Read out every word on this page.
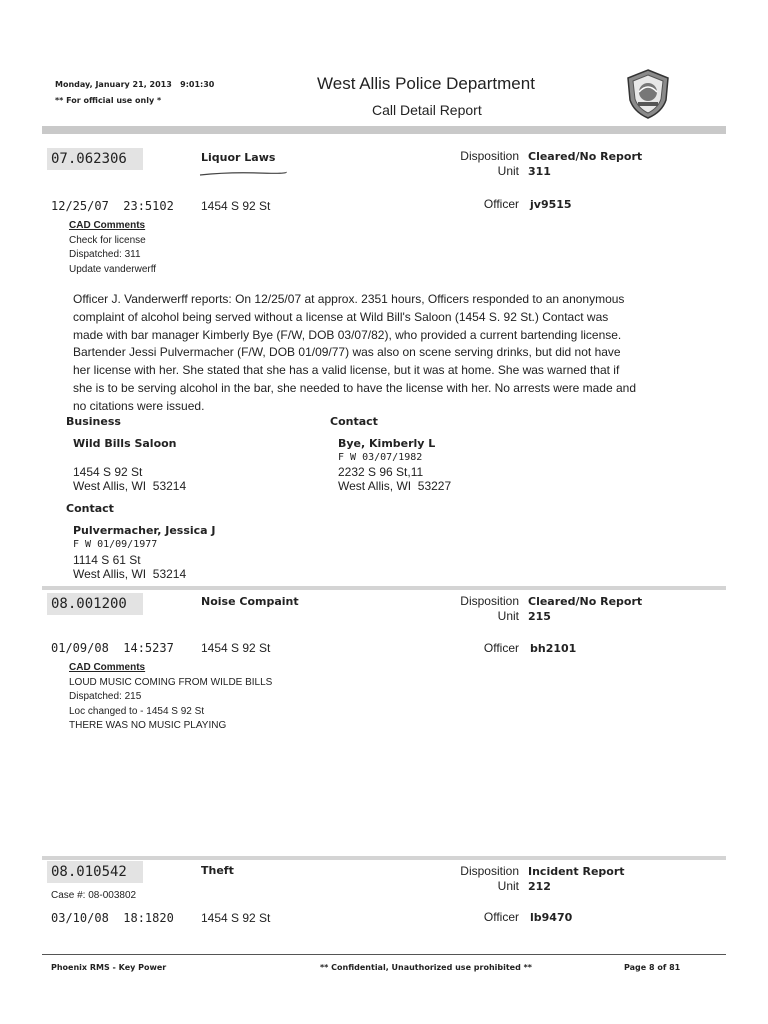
Monday, January 21, 2013   9:01:30
** For official use only *
West Allis Police Department
Call Detail Report
07.062306	Liquor Laws	Disposition Cleared/No Report
Unit 311
12/25/07  23:5102 1454 S 92 St	Officer jv9515
CAD Comments
Check for license
Dispatched: 311
Update vanderwerff
Officer J. Vanderwerff reports: On 12/25/07 at approx. 2351 hours, Officers responded to an anonymous complaint of alcohol being served without a license at Wild Bill's Saloon (1454 S. 92 St.) Contact was made with bar manager Kimberly Bye (F/W, DOB 03/07/82), who provided a current bartending license. Bartender Jessi Pulvermacher (F/W, DOB 01/09/77) was also on scene serving drinks, but did not have her license with her. She stated that she has a valid license, but it was at home. She was warned that if she is to be serving alcohol in the bar, she needed to have the license with her. No arrests were made and no citations were issued.
Business	Contact
Wild Bills Saloon
1454 S 92 St
West Allis, WI  53214
Bye, Kimberly L
F W 03/07/1982
2232 S 96 St,11
West Allis, WI  53227
Contact
Pulvermacher, Jessica J
F W 01/09/1977
1114 S 61 St
West Allis, WI  53214
08.001200	Noise Compaint	Disposition Cleared/No Report
Unit 215
01/09/08  14:5237 1454 S 92 St	Officer bh2101
CAD Comments
LOUD MUSIC COMING FROM WILDE BILLS
Dispatched: 215
Loc changed to - 1454 S 92 St
THERE WAS NO MUSIC PLAYING
08.010542	Theft	Disposition Incident Report
Unit 212
Case #: 08-003802
03/10/08  18:1820 1454 S 92 St	Officer lb9470
Phoenix RMS - Key Power	** Confidential, Unauthorized use prohibited **	Page 8 of 81
